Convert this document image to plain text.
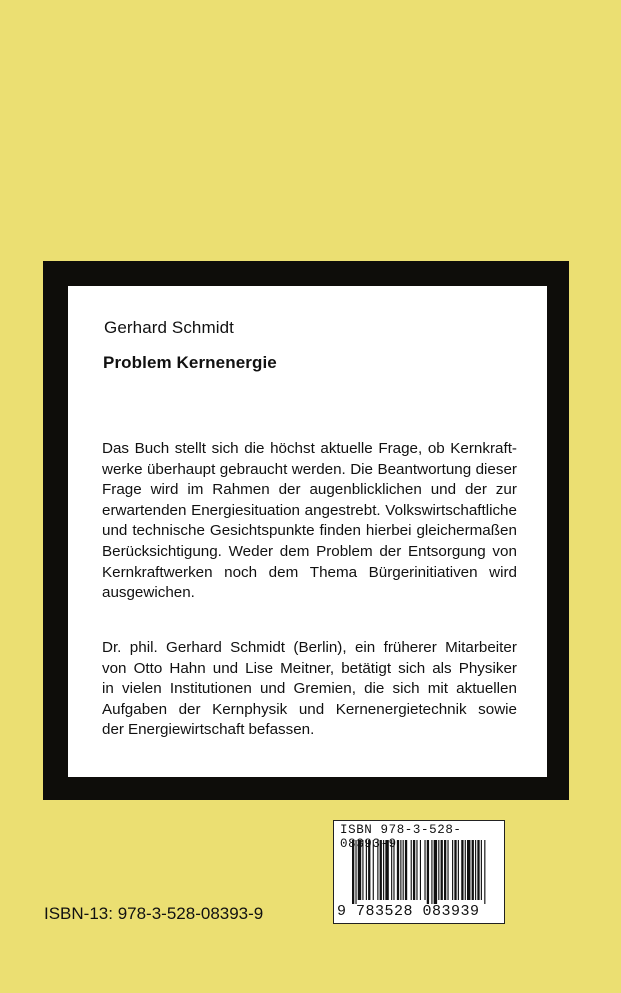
Gerhard Schmidt
Problem Kernenergie
Das Buch stellt sich die höchst aktuelle Frage, ob Kernkraft-
werke überhaupt gebraucht werden. Die Beantwortung dieser
Frage wird im Rahmen der augenblicklichen und der zur
erwartenden Energiesituation angestrebt. Volkswirtschaftliche
und technische Gesichtspunkte finden hierbei gleichermaßen
Berücksichtigung. Weder dem Problem der Entsorgung von
Kernkraftwerken noch dem Thema Bürgerinitiativen wird
ausgewichen.
Dr. phil. Gerhard Schmidt (Berlin), ein früherer Mitarbeiter
von Otto Hahn und Lise Meitner, betätigt sich als Physiker
in vielen Institutionen und Gremien, die sich mit aktuellen
Aufgaben der Kernphysik und Kernenergietechnik sowie
der Energiewirtschaft befassen.
ISBN-13: 978-3-528-08393-9
ISBN 978-3-528-08393-9
9 783528 083939
